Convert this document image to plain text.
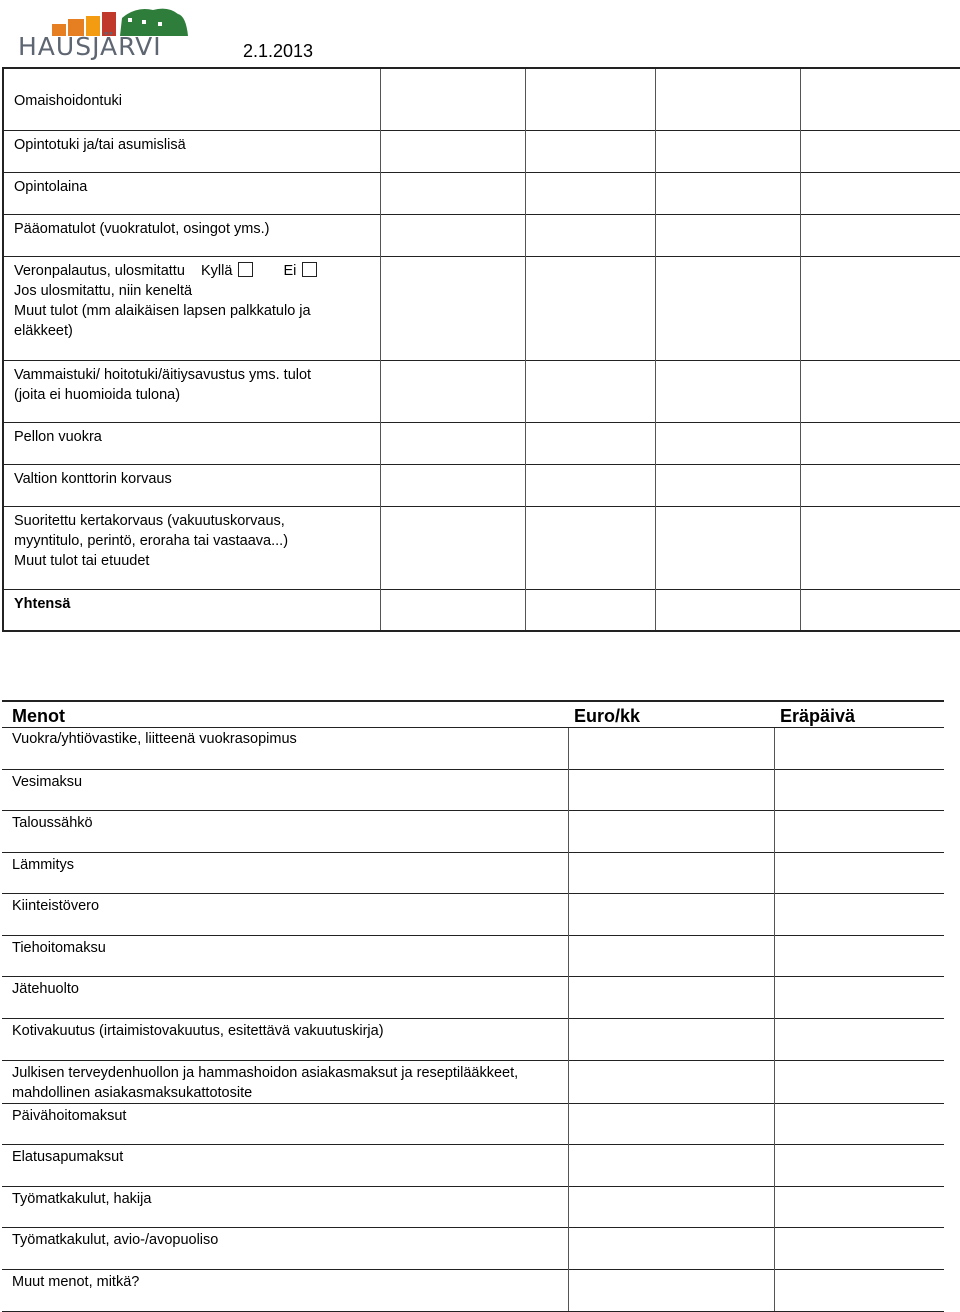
HAUSJÄRVI	2.1.2013
Omaishoidontuki				

Opintotuki ja/tai asumislisä				

Opintolaina				

Pääomatulot (vuokratulot, osingot yms.)				

Veronpalautus, ulosmitattu Kyllä Ei
Jos ulosmitattu, niin keneltä
Muut tulot (mm alaikäisen lapsen palkkatulo ja
eläkkeet)				

Vammaistuki/ hoitotuki/äitiysavustus yms. tulot
(joita ei huomioida tulona)				

Pellon vuokra				

Valtion konttorin korvaus				

Suoritettu kertakorvaus (vakuutuskorvaus,
myyntitulo, perintö, eroraha tai vastaava...)
Muut tulot tai etuudet				

Yhtensä				

Menot	Euro/kk	Eräpäivä

Vuokra/yhtiövastike, liitteenä vuokrasopimus		

Vesimaksu		

Taloussähkö		

Lämmitys		

Kiinteistövero		

Tiehoitomaksu		

Jätehuolto		

Kotivakuutus (irtaimistovakuutus, esitettävä vakuutuskirja)		

Julkisen terveydenhuollon ja hammashoidon asiakasmaksut ja reseptilääkkeet,
mahdollinen asiakasmaksukattotosite		

Päivähoitomaksut		

Elatusapumaksut		

Työmatkakulut, hakija		

Työmatkakulut, avio-/avopuoliso		

Muut menot, mitkä?		
